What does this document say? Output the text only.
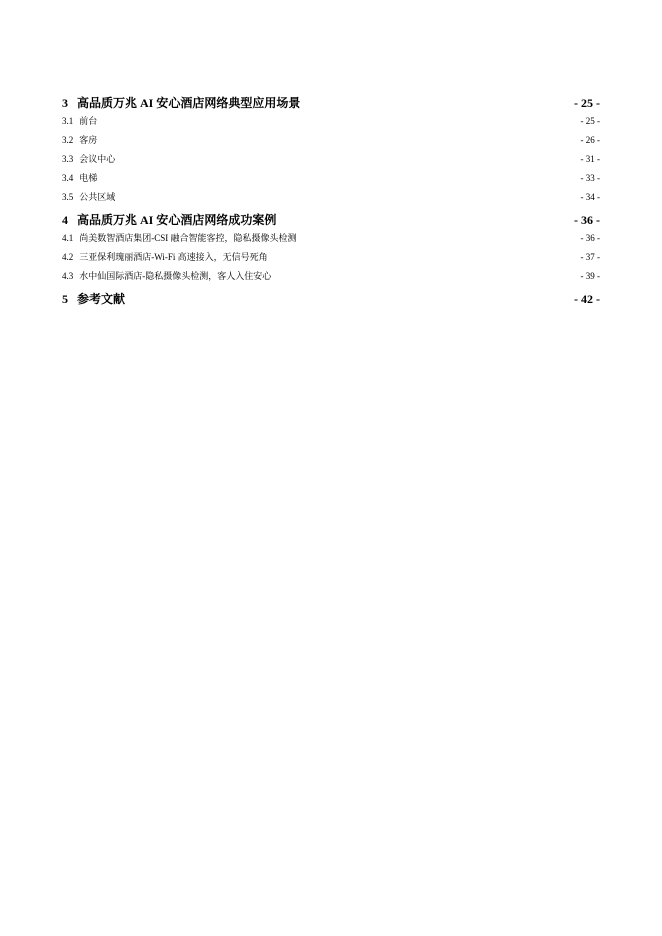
3 高品质万兆 AI 安心酒店网络典型应用场景	- 25 -
3.1 前台	- 25 -
3.2 客房	- 26 -
3.3 会议中心	- 31 -
3.4 电梯	- 33 -
3.5 公共区域	- 34 -
4 高品质万兆 AI 安心酒店网络成功案例	- 36 -
4.1 尚美数智酒店集团-CSI 融合智能客控，隐私摄像头检测	- 36 -
4.2 三亚保利瑰丽酒店-Wi-Fi 高速接入，无信号死角	- 37 -
4.3 水中仙国际酒店-隐私摄像头检测，客人入住安心	- 39 -
5 参考文献	- 42 -
